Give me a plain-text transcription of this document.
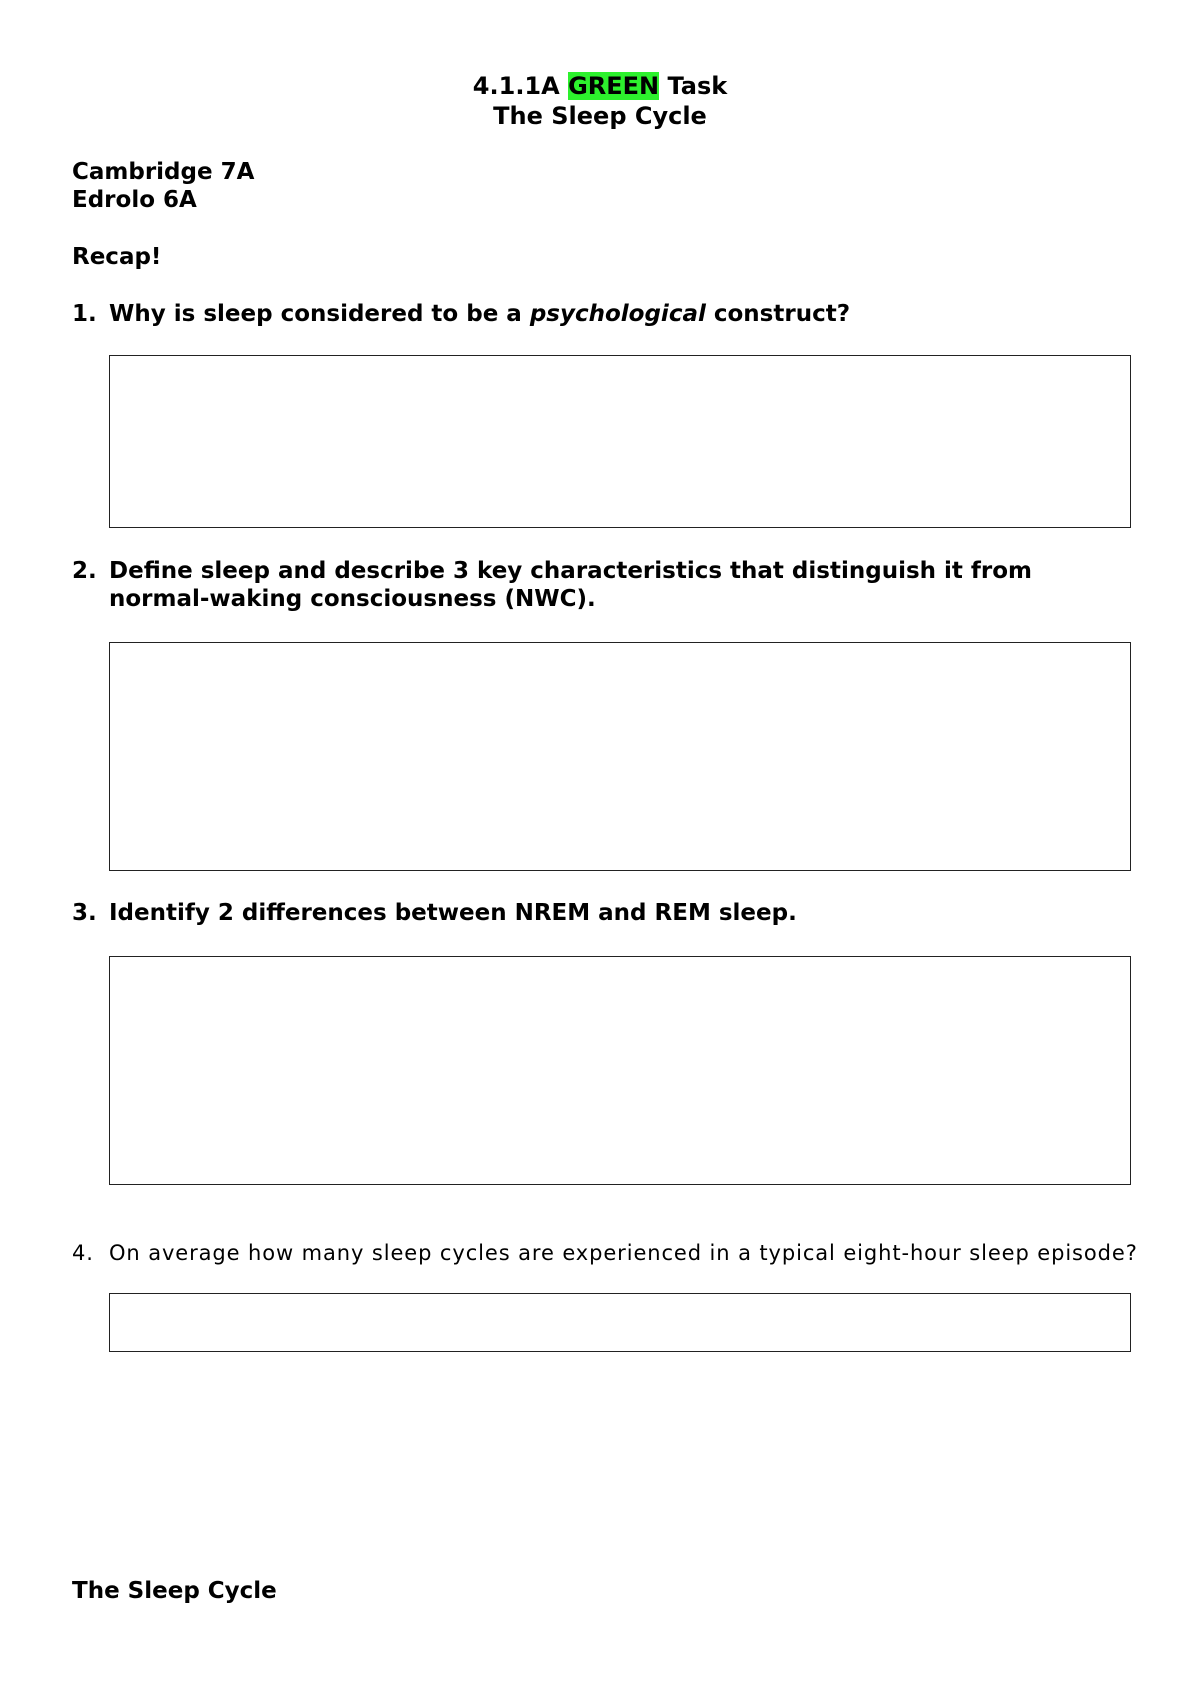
4.1.1A GREEN Task
The Sleep Cycle
Cambridge 7A
Edrolo 6A
Recap!
1. Why is sleep considered to be a psychological construct?
2. Define sleep and describe 3 key characteristics that distinguish it from normal-waking consciousness (NWC).
3. Identify 2 differences between NREM and REM sleep.
4. On average how many sleep cycles are experienced in a typical eight-hour sleep episode?
The Sleep Cycle
